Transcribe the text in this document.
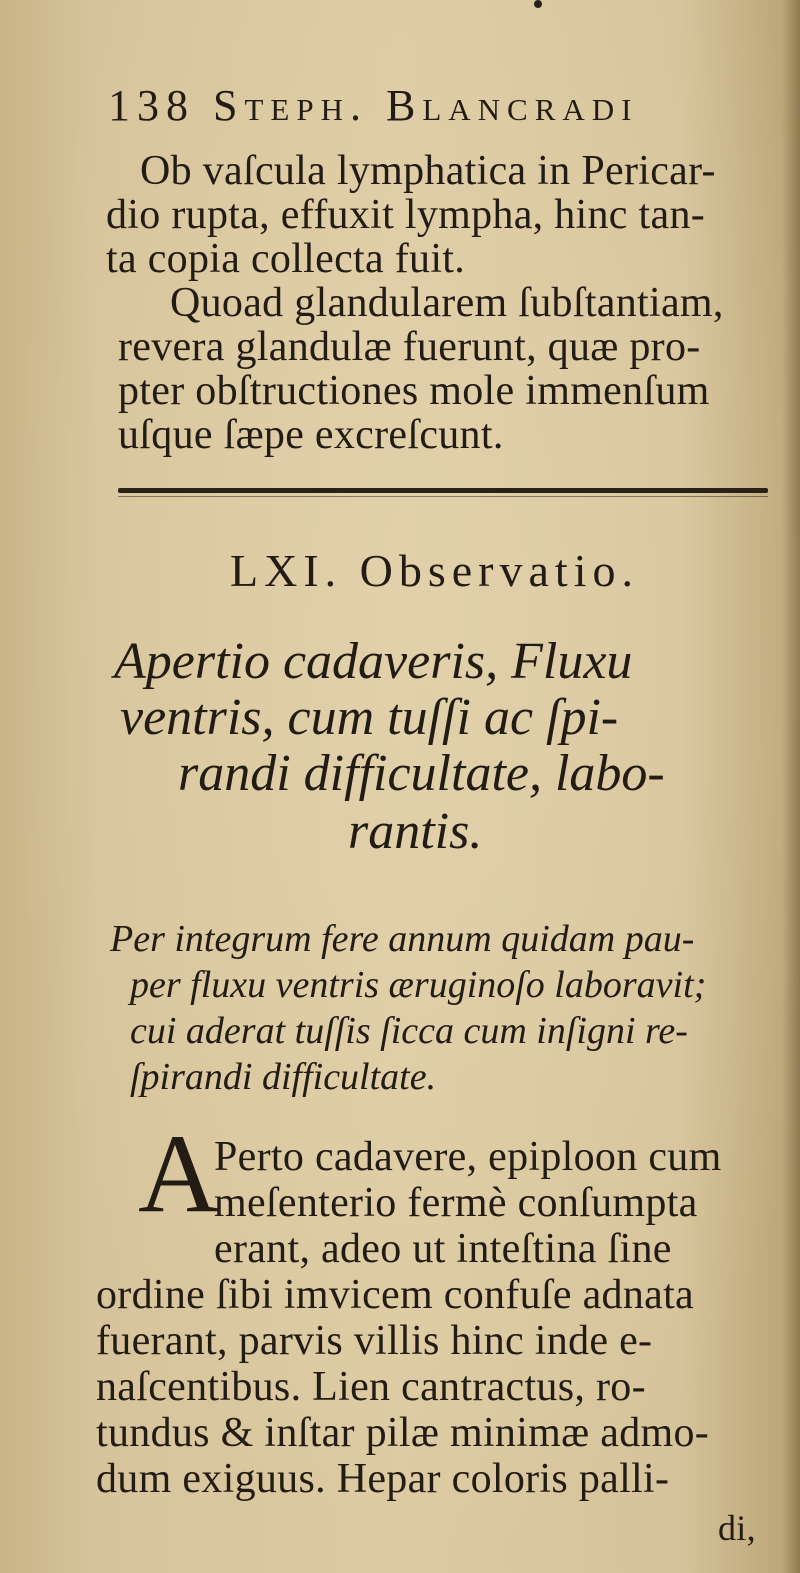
138 Steph. Blancradi
Ob vaſcula lymphatica in Pericar-
dio rupta, effuxit lympha, hinc tan-
ta copia collecta fuit.
Quoad glandularem ſubſtantiam,
revera glandulæ fuerunt, quæ pro-
pter obſtructiones mole immenſum
uſque ſæpe excreſcunt.
LXI. Observatio.
Apertio cadaveris, Fluxu
ventris, cum tuſſi ac ſpi-
randi difficultate, labo-
rantis.
Per integrum fere annum quidam pau-
per fluxu ventris æruginoſo laboravit;
cui aderat tuſſis ſicca cum inſigni re-
ſpirandi difficultate.
A
Perto cadavere, epiploon cum
meſenterio fermè conſumpta
erant, adeo ut inteſtina ſine
ordine ſibi imvicem confuſe adnata
fuerant, parvis villis hinc inde e-
naſcentibus. Lien cantractus, ro-
tundus & inſtar pilæ minimæ admo-
dum exiguus. Hepar coloris palli-
di,
